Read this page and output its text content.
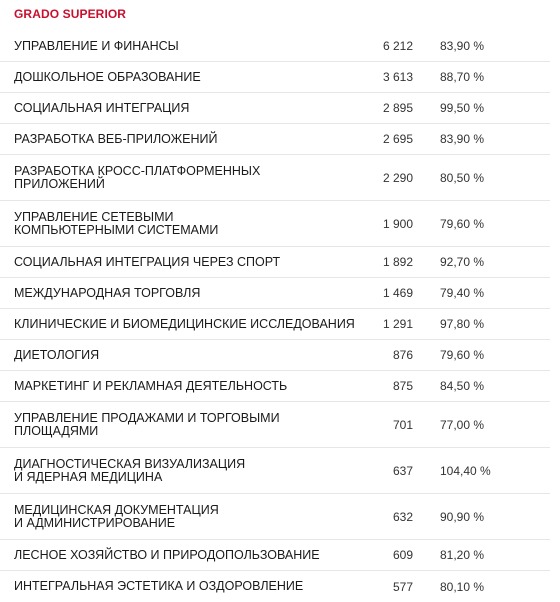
GRADO SUPERIOR
УПРАВЛЕНИЕ И ФИНАНСЫ	6 212 83,90 %
ДОШКОЛЬНОЕ ОБРАЗОВАНИЕ	3 613 88,70 %
СОЦИАЛЬНАЯ ИНТЕГРАЦИЯ	2 895 99,50 %
РАЗРАБОТКА ВЕБ-ПРИЛОЖЕНИЙ	2 695 83,90 %
РАЗРАБОТКА КРОСС-ПЛАТФОРМЕННЫХ
ПРИЛОЖЕНИЙ	2 290 80,50 %
УПРАВЛЕНИЕ СЕТЕВЫМИ
КОМПЬЮТЕРНЫМИ СИСТЕМАМИ	1 900 79,60 %
СОЦИАЛЬНАЯ ИНТЕГРАЦИЯ ЧЕРЕЗ СПОРТ	1 892 92,70 %
МЕЖДУНАРОДНАЯ ТОРГОВЛЯ	1 469 79,40 %
КЛИНИЧЕСКИЕ И БИОМЕДИЦИНСКИЕ ИССЛЕДОВАНИЯ	1 291 97,80 %
ДИЕТОЛОГИЯ	876 79,60 %
МАРКЕТИНГ И РЕКЛАМНАЯ ДЕЯТЕЛЬНОСТЬ	875 84,50 %
УПРАВЛЕНИЕ ПРОДАЖАМИ И ТОРГОВЫМИ
ПЛОЩАДЯМИ	701 77,00 %
ДИАГНОСТИЧЕСКАЯ ВИЗУАЛИЗАЦИЯ
И ЯДЕРНАЯ МЕДИЦИНА	637 104,40 %
МЕДИЦИНСКАЯ ДОКУМЕНТАЦИЯ
И АДМИНИСТРИРОВАНИЕ	632 90,90 %
ЛЕСНОЕ ХОЗЯЙСТВО И ПРИРОДОПОЛЬЗОВАНИЕ	609 81,20 %
ИНТЕГРАЛЬНАЯ ЭСТЕТИКА И ОЗДОРОВЛЕНИЕ	577 80,10 %
